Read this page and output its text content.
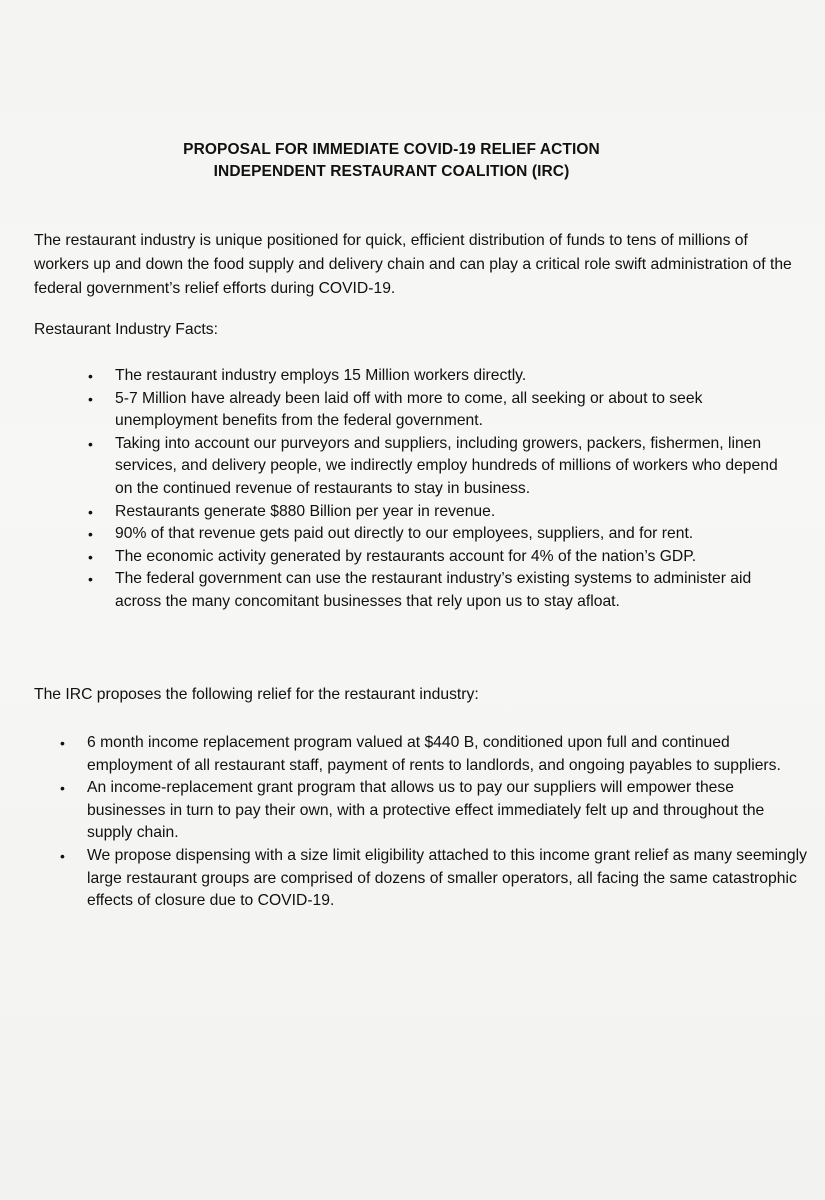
PROPOSAL FOR IMMEDIATE COVID-19 RELIEF ACTION
INDEPENDENT RESTAURANT COALITION (IRC)

The restaurant industry is unique positioned for quick, efficient distribution of funds to tens of millions of workers up and down the food supply and delivery chain and can play a critical role swift administration of the federal government’s relief efforts during COVID-19.

Restaurant Industry Facts:

• The restaurant industry employs 15 Million workers directly.
• 5-7 Million have already been laid off with more to come, all seeking or about to seek unemployment benefits from the federal government.
• Taking into account our purveyors and suppliers, including growers, packers, fishermen, linen services, and delivery people, we indirectly employ hundreds of millions of workers who depend on the continued revenue of restaurants to stay in business.
• Restaurants generate $880 Billion per year in revenue.
• 90% of that revenue gets paid out directly to our employees, suppliers, and for rent.
• The economic activity generated by restaurants account for 4% of the nation’s GDP.
• The federal government can use the restaurant industry’s existing systems to administer aid across the many concomitant businesses that rely upon us to stay afloat.

The IRC proposes the following relief for the restaurant industry:

• 6 month income replacement program valued at $440 B, conditioned upon full and continued employment of all restaurant staff, payment of rents to landlords, and ongoing payables to suppliers.
• An income-replacement grant program that allows us to pay our suppliers will empower these businesses in turn to pay their own, with a protective effect immediately felt up and throughout the supply chain.
• We propose dispensing with a size limit eligibility attached to this income grant relief as many seemingly large restaurant groups are comprised of dozens of smaller operators, all facing the same catastrophic effects of closure due to COVID-19.
